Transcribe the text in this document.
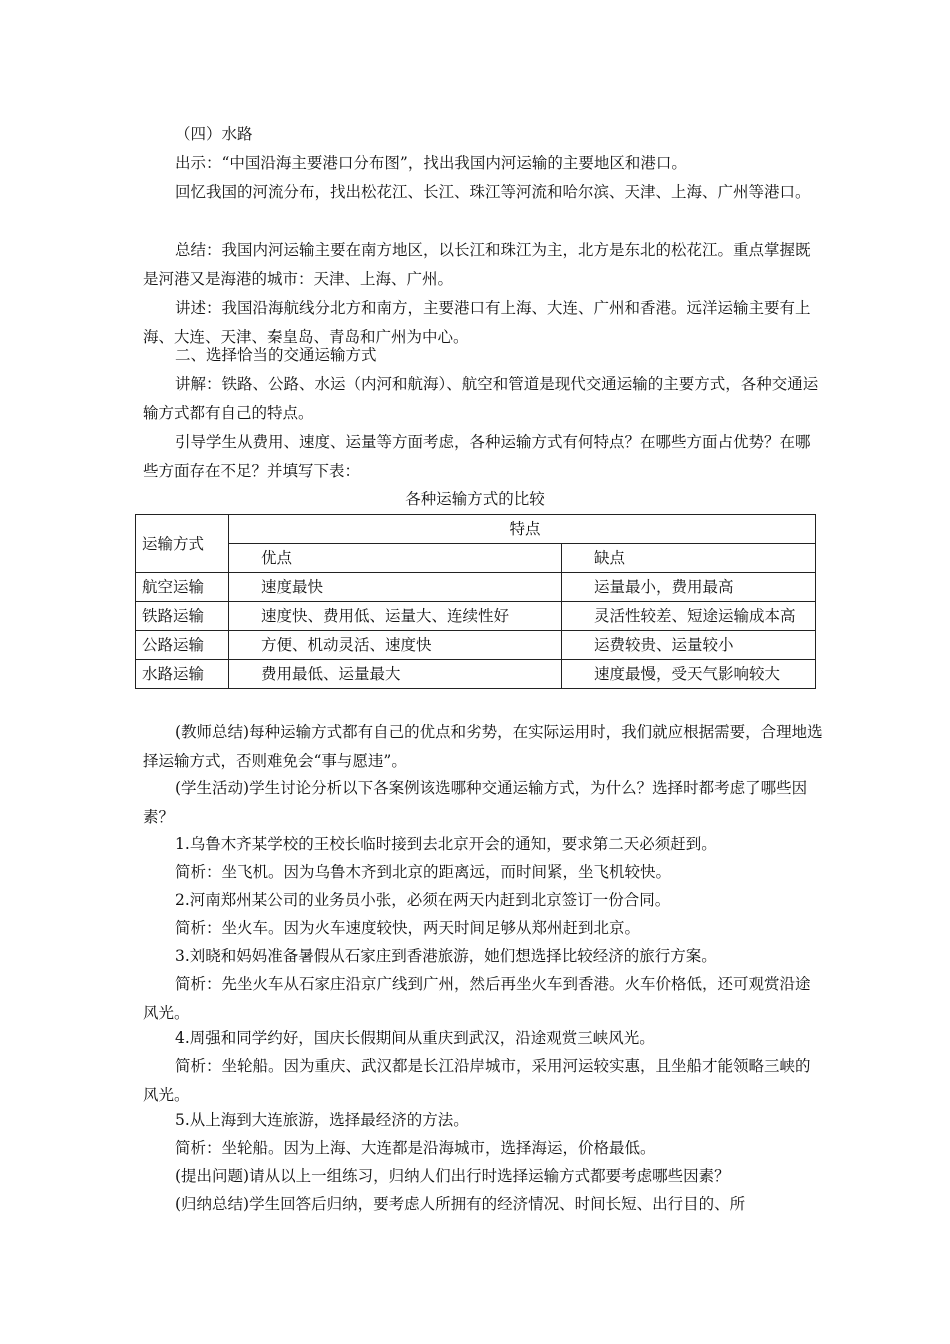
（四）水路

出示：“中国沿海主要港口分布图”，找出我国内河运输的主要地区和港口。

回忆我国的河流分布，找出松花江、长江、珠江等河流和哈尔滨、天津、上海、广州等港口。

总结：我国内河运输主要在南方地区，以长江和珠江为主，北方是东北的松花江。重点掌握既是河港又是海港的城市：天津、上海、广州。

讲述：我国沿海航线分北方和南方，主要港口有上海、大连、广州和香港。远洋运输主要有上海、大连、天津、秦皇岛、青岛和广州为中心。

二、选择恰当的交通运输方式

讲解：铁路、公路、水运（内河和航海）、航空和管道是现代交通运输的主要方式，各种交通运输方式都有自己的特点。

引导学生从费用、速度、运量等方面考虑，各种运输方式有何特点？在哪些方面占优势？在哪些方面存在不足？并填写下表：

各种运输方式的比较
运输方式	特点	
	优点	缺点
航空运输	速度最快	运量最小，费用最高
铁路运输	速度快、费用低、运量大、连续性好	灵活性较差、短途运输成本高
公路运输	方便、机动灵活、速度快	运费较贵、运量较小
水路运输	费用最低、运量最大	速度最慢，受天气影响较大

(教师总结)每种运输方式都有自己的优点和劣势，在实际运用时，我们就应根据需要，合理地选择运输方式，否则难免会“事与愿违”。

(学生活动)学生讨论分析以下各案例该选哪种交通运输方式，为什么？选择时都考虑了哪些因素？

1.乌鲁木齐某学校的王校长临时接到去北京开会的通知，要求第二天必须赶到。

简析：坐飞机。因为乌鲁木齐到北京的距离远，而时间紧，坐飞机较快。

2.河南郑州某公司的业务员小张，必须在两天内赶到北京签订一份合同。

简析：坐火车。因为火车速度较快，两天时间足够从郑州赶到北京。

3.刘晓和妈妈准备暑假从石家庄到香港旅游，她们想选择比较经济的旅行方案。

简析：先坐火车从石家庄沿京广线到广州，然后再坐火车到香港。火车价格低，还可观赏沿途风光。

4.周强和同学约好，国庆长假期间从重庆到武汉，沿途观赏三峡风光。

简析：坐轮船。因为重庆、武汉都是长江沿岸城市，采用河运较实惠，且坐船才能领略三峡的风光。

5.从上海到大连旅游，选择最经济的方法。

简析：坐轮船。因为上海、大连都是沿海城市，选择海运，价格最低。

(提出问题)请从以上一组练习，归纳人们出行时选择运输方式都要考虑哪些因素？

(归纳总结)学生回答后归纳，要考虑人所拥有的经济情况、时间长短、出行目的、所
